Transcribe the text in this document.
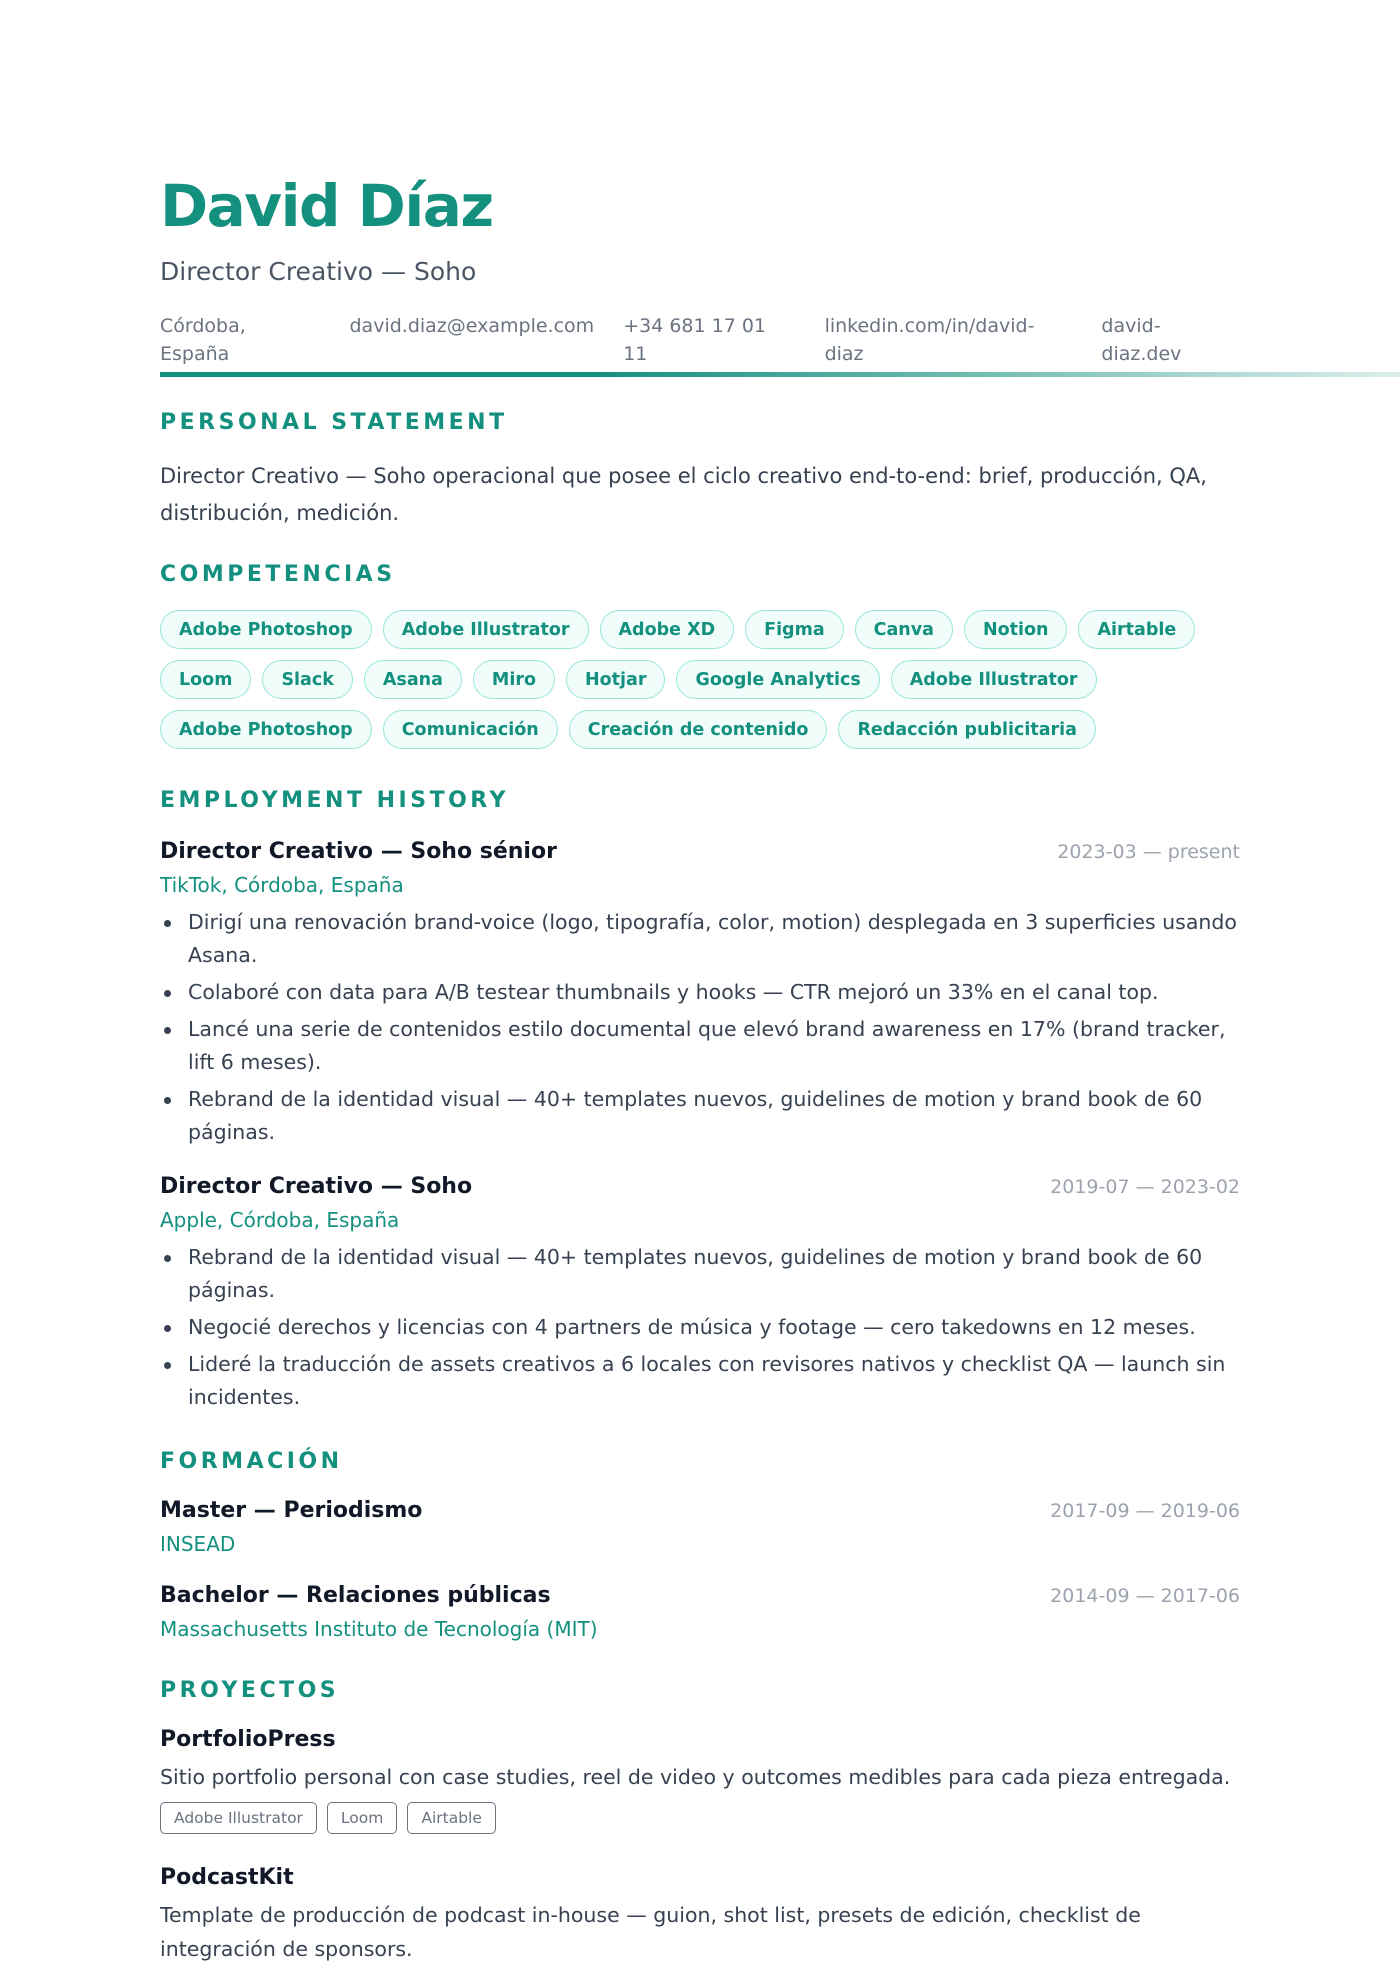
David Díaz
Director Creativo — Soho
Córdoba, España
david.diaz@example.com +34 681 17 01 11
linkedin.com/in/david-diaz
david-diaz.dev
PERSONAL STATEMENT
Director Creativo — Soho operacional que posee el ciclo creativo end-to-end: brief, producción, QA, distribución, medición.
COMPETENCIAS
Adobe Photoshop	Adobe Illustrator	Adobe XD	Figma	Canva	Notion	Airtable
Loom	Slack	Asana	Miro	Hotjar	Google Analytics	Adobe Illustrator
Adobe Photoshop	Comunicación	Creación de contenido	Redacción publicitaria
EMPLOYMENT HISTORY
Director Creativo — Soho sénior	2023-03 — present
TikTok, Córdoba, España
Dirigí una renovación brand-voice (logo, tipografía, color, motion) desplegada en 3 superficies usando Asana.
Colaboré con data para A/B testear thumbnails y hooks — CTR mejoró un 33% en el canal top.
Lancé una serie de contenidos estilo documental que elevó brand awareness en 17% (brand tracker, lift 6 meses).
Rebrand de la identidad visual — 40+ templates nuevos, guidelines de motion y brand book de 60 páginas.
Director Creativo — Soho	2019-07 — 2023-02
Apple, Córdoba, España
Rebrand de la identidad visual — 40+ templates nuevos, guidelines de motion y brand book de 60 páginas.
Negocié derechos y licencias con 4 partners de música y footage — cero takedowns en 12 meses.
Lideré la traducción de assets creativos a 6 locales con revisores nativos y checklist QA — launch sin incidentes.
FORMACIÓN
Master — Periodismo	2017-09 — 2019-06
INSEAD
Bachelor — Relaciones públicas	2014-09 — 2017-06
Massachusetts Instituto de Tecnología (MIT)
PROYECTOS
PortfolioPress
Sitio portfolio personal con case studies, reel de video y outcomes medibles para cada pieza entregada.
Adobe Illustrator	Loom	Airtable
PodcastKit
Template de producción de podcast in-house — guion, shot list, presets de edición, checklist de integración de sponsors.
